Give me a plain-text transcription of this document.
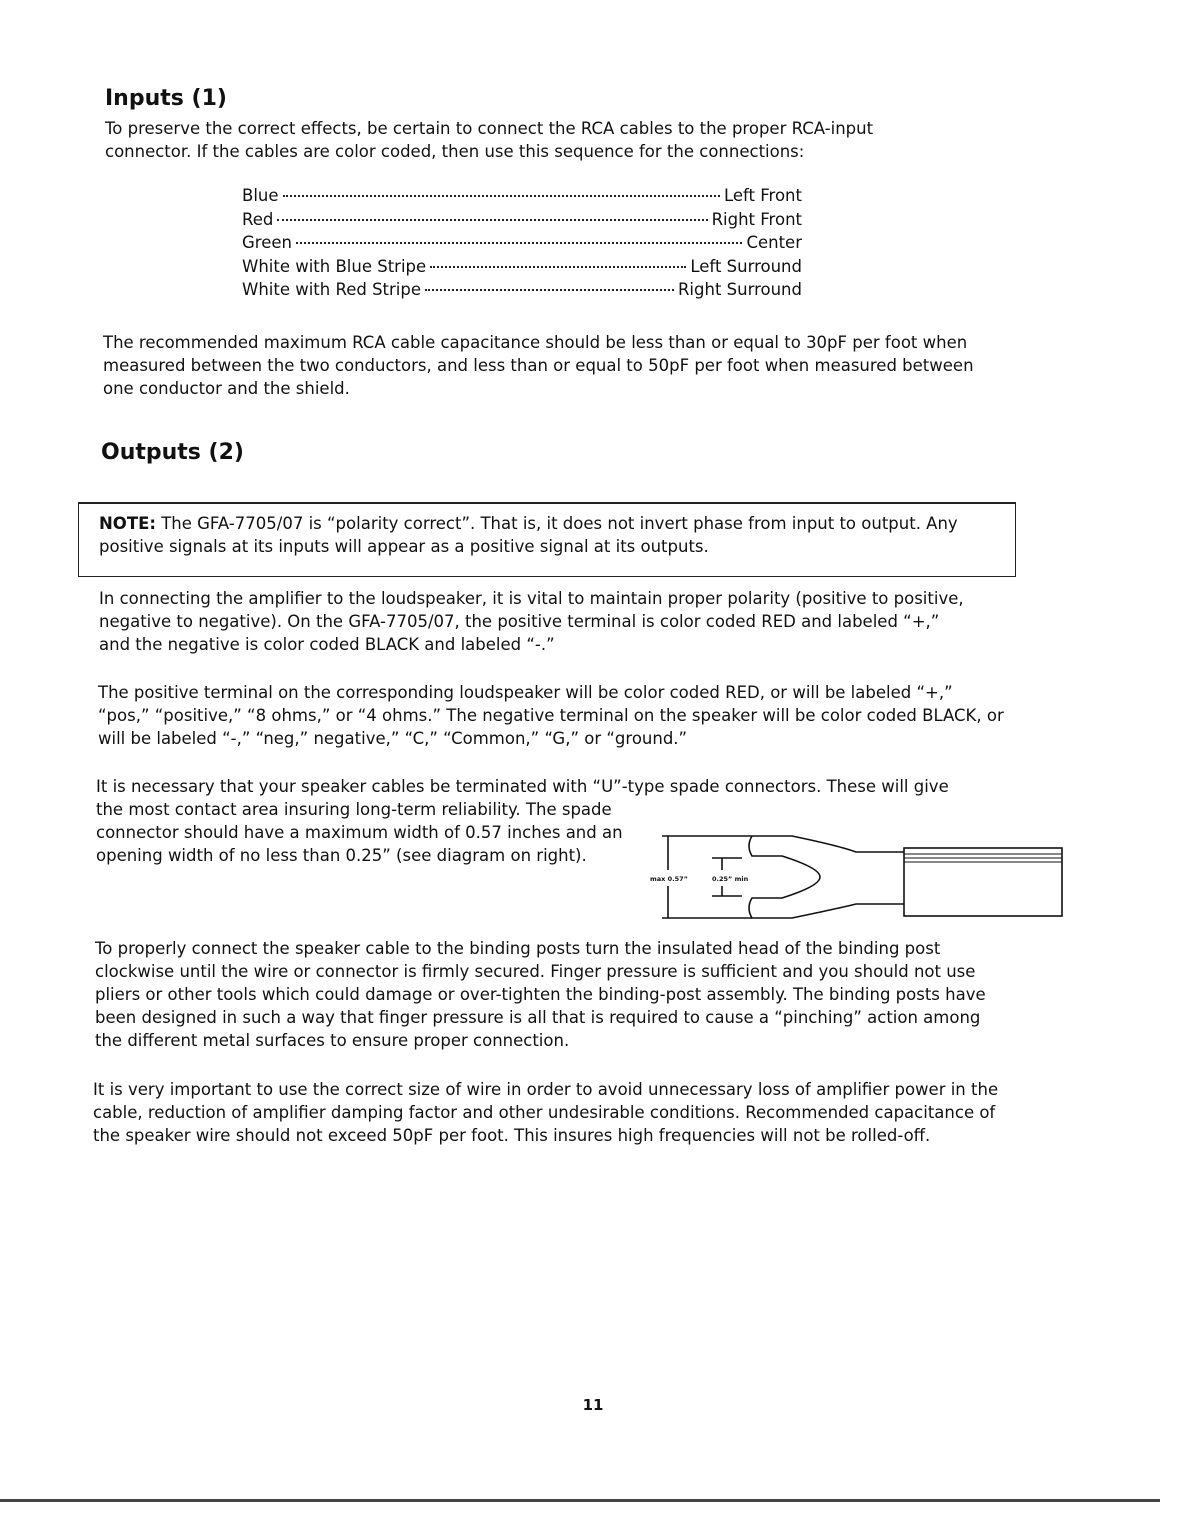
Inputs (1)

To preserve the correct effects, be certain to connect the RCA cables to the proper RCA-input connector. If the cables are color coded, then use this sequence for the connections:

Blue	Left Front
Red	Right Front
Green	Center
White with Blue Stripe	Left Surround
White with Red Stripe	Right Surround

The recommended maximum RCA cable capacitance should be less than or equal to 30pF per foot when measured between the two conductors, and less than or equal to 50pF per foot when measured between one conductor and the shield.

Outputs (2)

NOTE: The GFA-7705/07 is “polarity correct”. That is, it does not invert phase from input to output. Any positive signals at its inputs will appear as a positive signal at its outputs.

In connecting the amplifier to the loudspeaker, it is vital to maintain proper polarity (positive to positive, negative to negative). On the GFA-7705/07, the positive terminal is color coded RED and labeled “+,” and the negative is color coded BLACK and labeled “-.”

The positive terminal on the corresponding loudspeaker will be color coded RED, or will be labeled “+,” “pos,” “positive,” “8 ohms,” or “4 ohms.” The negative terminal on the speaker will be color coded BLACK, or will be labeled “-,” “neg,” negative,” “C,” “Common,” “G,” or “ground.”

It is necessary that your speaker cables be terminated with “U”-type spade connectors. These will give

the most contact area insuring long-term reliability. The spade connector should have a maximum width of 0.57 inches and an opening width of no less than 0.25” (see diagram on right).

max 0.57”	0.25” min

To properly connect the speaker cable to the binding posts turn the insulated head of the binding post clockwise until the wire or connector is firmly secured. Finger pressure is sufficient and you should not use pliers or other tools which could damage or over-tighten the binding-post assembly. The binding posts have been designed in such a way that finger pressure is all that is required to cause a “pinching” action among the different metal surfaces to ensure proper connection.

It is very important to use the correct size of wire in order to avoid unnecessary loss of amplifier power in the cable, reduction of amplifier damping factor and other undesirable conditions. Recommended capacitance of the speaker wire should not exceed 50pF per foot. This insures high frequencies will not be rolled-off.

11
